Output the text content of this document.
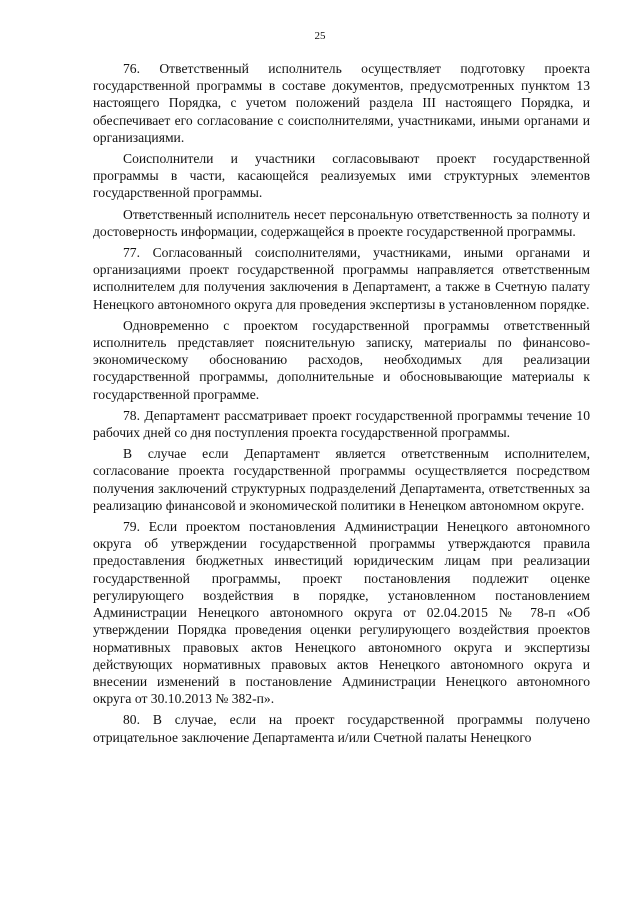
25

76. Ответственный исполнитель осуществляет подготовку проекта государственной программы в составе документов, предусмотренных пунктом 13 настоящего Порядка, с учетом положений раздела III настоящего Порядка, и обеспечивает его согласование с соисполнителями, участниками, иными органами и организациями.

Соисполнители и участники согласовывают проект государственной программы в части, касающейся реализуемых ими структурных элементов государственной программы.

Ответственный исполнитель несет персональную ответственность за полноту и достоверность информации, содержащейся в проекте государственной программы.

77. Согласованный соисполнителями, участниками, иными органами и организациями проект государственной программы направляется ответственным исполнителем для получения заключения в Департамент, а также в Счетную палату Ненецкого автономного округа для проведения экспертизы в установленном порядке.

Одновременно с проектом государственной программы ответственный исполнитель представляет пояснительную записку, материалы по финансово-экономическому обоснованию расходов, необходимых для реализации государственной программы, дополнительные и обосновывающие материалы к государственной программе.

78. Департамент рассматривает проект государственной программы течение 10 рабочих дней со дня поступления проекта государственной программы.

В случае если Департамент является ответственным исполнителем, согласование проекта государственной программы осуществляется посредством получения заключений структурных подразделений Департамента, ответственных за реализацию финансовой и экономической политики в Ненецком автономном округе.

79. Если проектом постановления Администрации Ненецкого автономного округа об утверждении государственной программы утверждаются правила предоставления бюджетных инвестиций юридическим лицам при реализации государственной программы, проект постановления подлежит оценке регулирующего воздействия в порядке, установленном постановлением Администрации Ненецкого автономного округа от 02.04.2015 № 78-п «Об утверждении Порядка проведения оценки регулирующего воздействия проектов нормативных правовых актов Ненецкого автономного округа и экспертизы действующих нормативных правовых актов Ненецкого автономного округа и внесении изменений в постановление Администрации Ненецкого автономного округа от 30.10.2013 № 382-п».

80. В случае, если на проект государственной программы получено отрицательное заключение Департамента и/или Счетной палаты Ненецкого
